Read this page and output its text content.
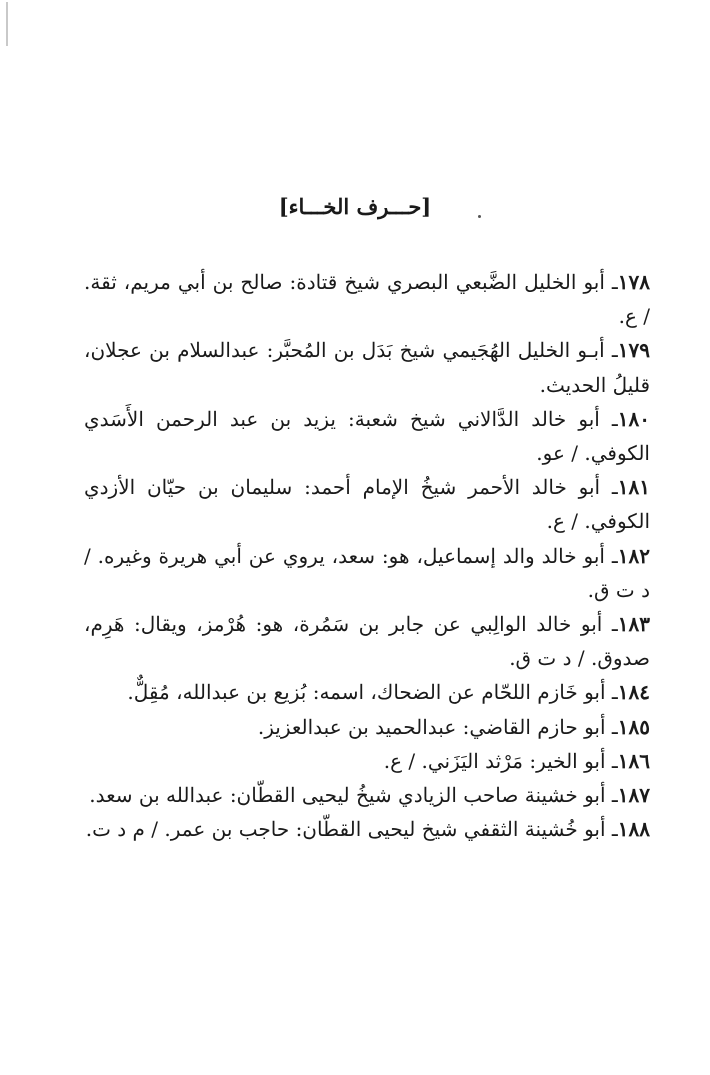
[حـــرف الخـــاء]

١٧٨ـ أبو الخليل الضَّبعي البصري شيخ قتادة: صالح بن أبي مريم، ثقة. / ع.

١٧٩ـ أبـو الخليل الهُجَيمي شيخ بَدَل بن المُحبَّر: عبدالسلام بن عجلان، قليلُ الحديث.

١٨٠ـ أبو خالد الدَّالاني شيخ شعبة: يزيد بن عبد الرحمن الأَسَدي الكوفي. / عو.

١٨١ـ أبو خالد الأحمر شيخُ الإمام أحمد: سليمان بن حيّان الأزدي الكوفي. / ع.

١٨٢ـ أبو خالد والد إسماعيل، هو: سعد، يروي عن أبي هريرة وغيره. / د ت ق.

١٨٣ـ أبو خالد الوالِبي عن جابر بن سَمُرة، هو: هُرْمز، ويقال: هَرِم، صدوق. / د ت ق.

١٨٤ـ أبو خَازم اللحّام عن الضحاك، اسمه: بُزيع بن عبدالله، مُقِلٌّ.

١٨٥ـ أبو حازم القاضي: عبدالحميد بن عبدالعزيز.

١٨٦ـ أبو الخير: مَرْثد اليَزَني. / ع.

١٨٧ـ أبو خشينة صاحب الزيادي شيخُ ليحيى القطّان: عبدالله بن سعد.

١٨٨ـ أبو خُشينة الثقفي شيخ ليحيى القطّان: حاجب بن عمر. / م د ت.
